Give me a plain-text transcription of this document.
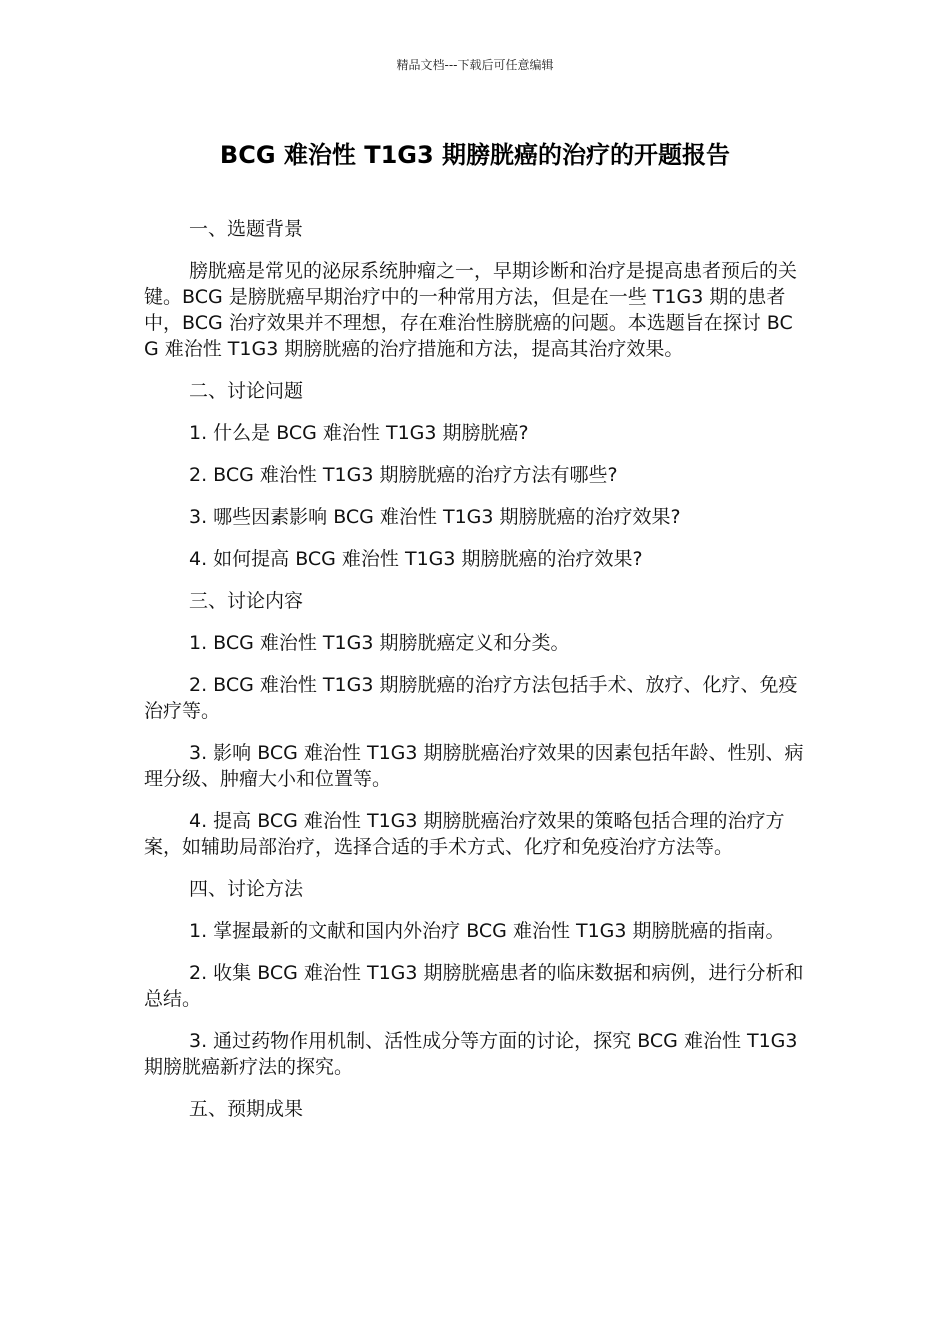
精品文档---下载后可任意编辑
BCG 难治性 T1G3 期膀胱癌的治疗的开题报告

一、选题背景

膀胱癌是常见的泌尿系统肿瘤之一，早期诊断和治疗是提高患者预后的关键。BCG 是膀胱癌早期治疗中的一种常用方法，但是在一些 T1G3 期的患者中，BCG 治疗效果并不理想，存在难治性膀胱癌的问题。本选题旨在探讨 BCG 难治性 T1G3 期膀胱癌的治疗措施和方法，提高其治疗效果。

二、讨论问题

1. 什么是 BCG 难治性 T1G3 期膀胱癌?

2. BCG 难治性 T1G3 期膀胱癌的治疗方法有哪些?

3. 哪些因素影响 BCG 难治性 T1G3 期膀胱癌的治疗效果?

4. 如何提高 BCG 难治性 T1G3 期膀胱癌的治疗效果?

三、讨论内容

1. BCG 难治性 T1G3 期膀胱癌定义和分类。

2. BCG 难治性 T1G3 期膀胱癌的治疗方法包括手术、放疗、化疗、免疫治疗等。

3. 影响 BCG 难治性 T1G3 期膀胱癌治疗效果的因素包括年龄、性别、病理分级、肿瘤大小和位置等。

4. 提高 BCG 难治性 T1G3 期膀胱癌治疗效果的策略包括合理的治疗方案，如辅助局部治疗，选择合适的手术方式、化疗和免疫治疗方法等。

四、讨论方法

1. 掌握最新的文献和国内外治疗 BCG 难治性 T1G3 期膀胱癌的指南。

2. 收集 BCG 难治性 T1G3 期膀胱癌患者的临床数据和病例，进行分析和总结。

3. 通过药物作用机制、活性成分等方面的讨论，探究 BCG 难治性 T1G3 期膀胱癌新疗法的探究。

五、预期成果
